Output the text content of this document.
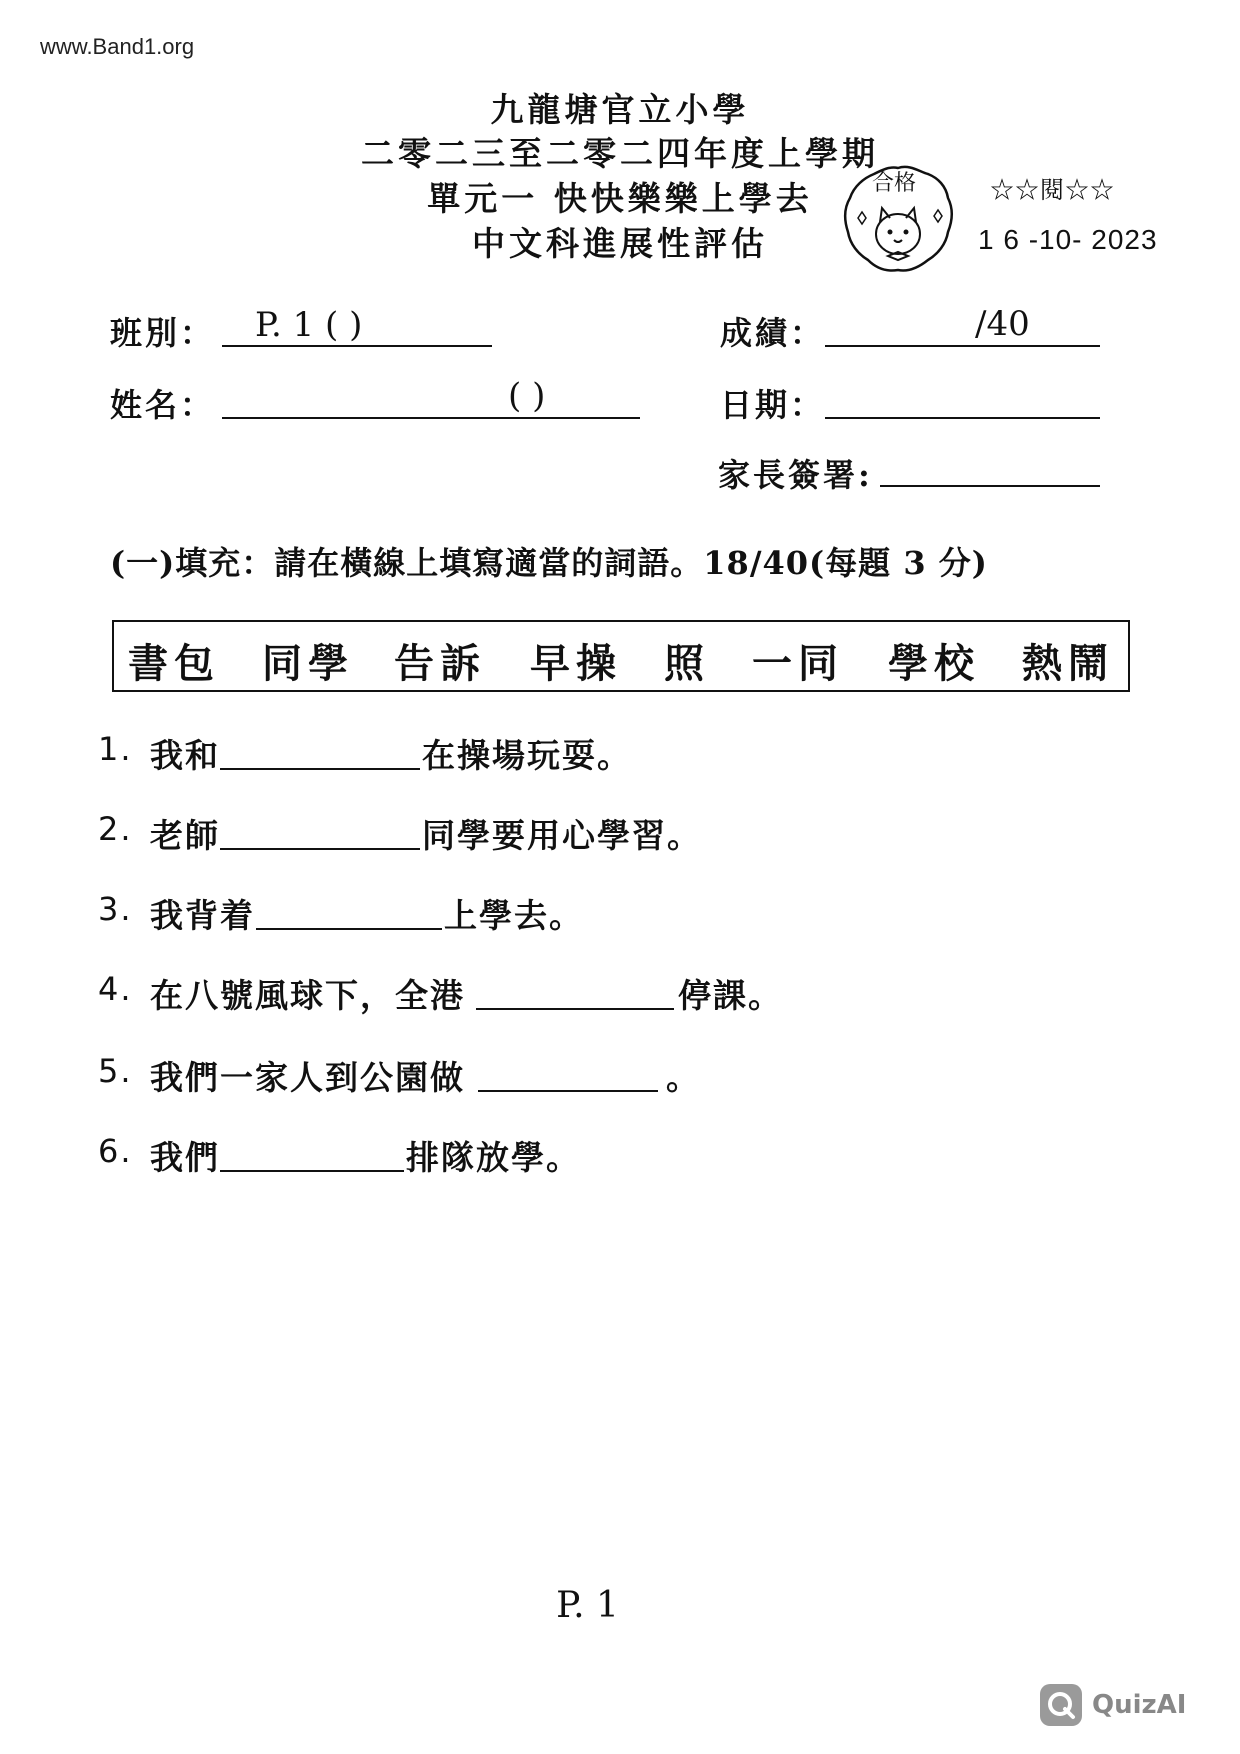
www.Band1.org
九龍塘官立小學
二零二三至二零二四年度上學期
單元一 快快樂樂上學去
中文科進展性評估
合格	☆☆閱☆☆
1 6 -10- 2023
班別： P. 1 ( )	成績：	/40
姓名：	( )	日期：
家長簽署:
(一)填充：請在橫線上填寫適當的詞語。18/40(每題 3 分)
書包 同學 告訴 早操 照 一同 學校 熱鬧
1. 我和	在操場玩耍。
2. 老師	同學要用心學習。
3. 我背着	上學去。
4. 在八號風球下，全港	停課。
5. 我們一家人到公園做	。
6. 我們	排隊放學。
P. 1
QuizAI
